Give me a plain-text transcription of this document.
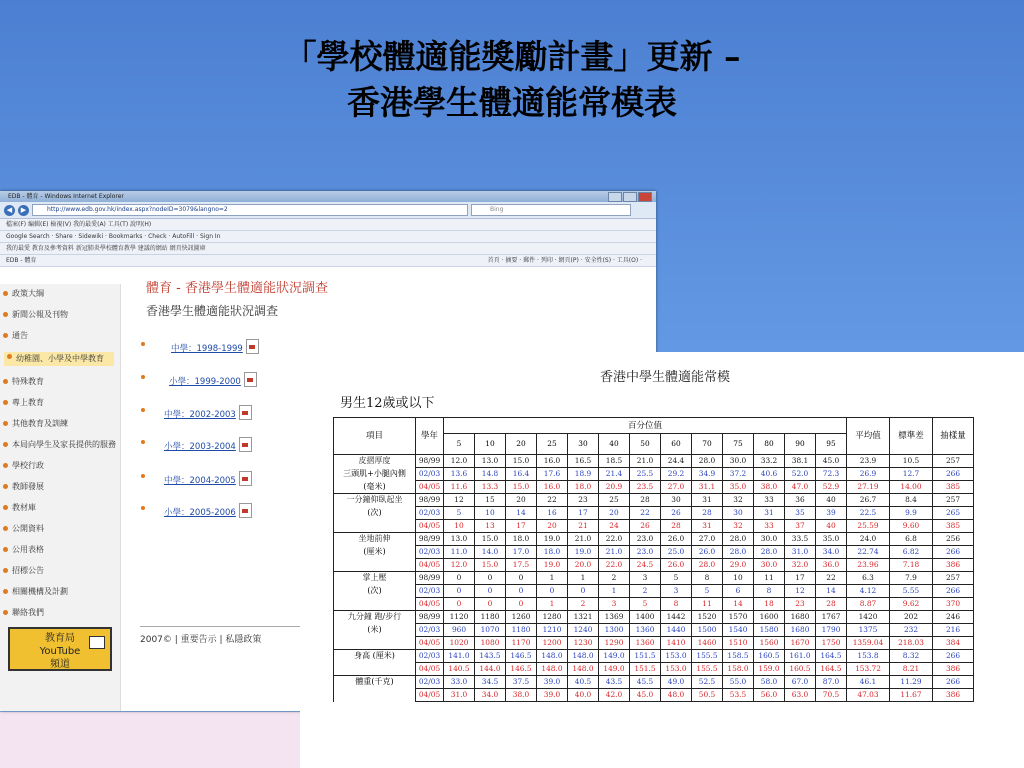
「學校體適能獎勵計畫」更新 –
香港學生體適能常模表
EDB - 體育 - Windows Internet Explorer
◀	▶	http://www.edb.gov.hk/index.aspx?nodeID=3079&langno=2	Bing
檔案(F) 編輯(E) 檢視(V) 我的最愛(A) 工具(T) 說明(H)
Google Search · Share · Sidewiki · Bookmarks · Check · AutoFill · Sign In
我的最愛 教育及參考資料 新冠肺炎學校體育教學 建議的網站 網頁快訊圖庫
EDB - 體育	首頁 · 摘要 · 郵件 · 列印 · 網頁(P) · 安全性(S) · 工具(O) ·
政策大綱
新聞公報及刊物
通告
幼稚園、小學及中學教育
特殊教育
專上教育
其他教育及訓練
本局向學生及家長提供的服務
學校行政
教師發展
教材庫
公開資料
公用表格
招標公告
相關機構及計劃
聯絡我們
教育局
YouTube
頻道
體育 - 香港學生體適能狀況調查
香港學生體適能狀況調查
中學：1998-1999
小學：1999-2000
中學：2002-2003
小學：2003-2004
中學：2004-2005
小學：2005-2006
2007© | 重要告示 | 私隱政策
香港中學生體適能常模
男生12歲或以下
項目	學年	百分位值													平均值	標準差	抽樣量
		5	10	20	25	30	40	50	60	70	75	80	90	95			
皮摺厚度	98/99	12.0	13.0	15.0	16.0	16.5	18.5	21.0	24.4	28.0	30.0	33.2	38.1	45.0	23.9	10.5	257
三頭肌+小腿內側	02/03	13.6	14.8	16.4	17.6	18.9	21.4	25.5	29.2	34.9	37.2	40.6	52.0	72.3	26.9	12.7	266
(毫米)	04/05	11.6	13.3	15.0	16.0	18.0	20.9	23.5	27.0	31.1	35.0	38.0	47.0	52.9	27.19	14.00	385
一分鐘仰臥起坐	98/99	12	15	20	22	23	25	28	30	31	32	33	36	40	26.7	8.4	257
(次)	02/03	5	10	14	16	17	20	22	26	28	30	31	35	39	22.5	9.9	265
	04/05	10	13	17	20	21	24	26	28	31	32	33	37	40	25.59	9.60	385
坐地前伸	98/99	13.0	15.0	18.0	19.0	21.0	22.0	23.0	26.0	27.0	28.0	30.0	33.5	35.0	24.0	6.8	256
(厘米)	02/03	11.0	14.0	17.0	18.0	19.0	21.0	23.0	25.0	26.0	28.0	28.0	31.0	34.0	22.74	6.82	266
	04/05	12.0	15.0	17.5	19.0	20.0	22.0	24.5	26.0	28.0	29.0	30.0	32.0	36.0	23.96	7.18	386
掌上壓	98/99	0	0	0	1	1	2	3	5	8	10	11	17	22	6.3	7.9	257
(次)	02/03	0	0	0	0	0	1	2	3	5	6	8	12	14	4.12	5.55	266
	04/05	0	0	0	1	2	3	5	8	11	14	18	23	28	8.87	9.62	370
九分鐘 跑/步行	98/99	1120	1180	1260	1280	1321	1369	1400	1442	1520	1570	1600	1680	1767	1420	202	246
(米)	02/03	960	1070	1180	1210	1240	1300	1360	1440	1500	1540	1580	1680	1790	1375	232	216
	04/05	1020	1080	1170	1200	1230	1290	1360	1410	1460	1510	1560	1670	1750	1359.04	218.03	384
身高 (厘米)	02/03	141.0	143.5	146.5	148.0	148.0	149.0	151.5	153.0	155.5	158.5	160.5	161.0	164.5	153.8	8.32	266
	04/05	140.5	144.0	146.5	148.0	148.0	149.0	151.5	153.0	155.5	158.0	159.0	160.5	164.5	153.72	8.21	386
體重(千克)	02/03	33.0	34.5	37.5	39.0	40.5	43.5	45.5	49.0	52.5	55.0	58.0	67.0	87.0	46.1	11.29	266
	04/05	31.0	34.0	38.0	39.0	40.0	42.0	45.0	48.0	50.5	53.5	56.0	63.0	70.5	47.03	11.67	386
